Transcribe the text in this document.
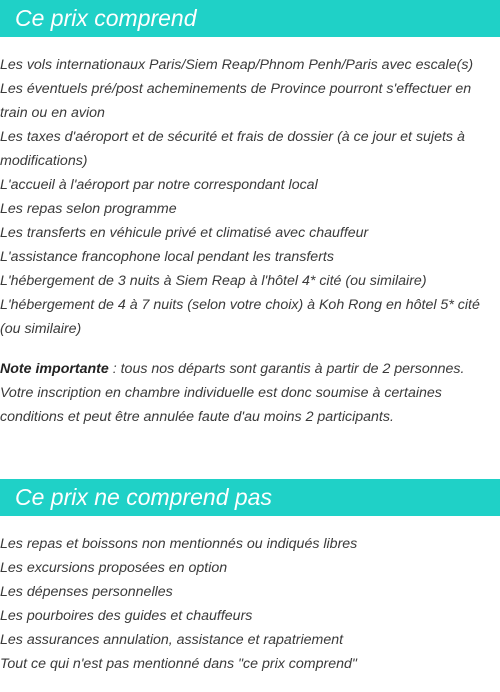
Ce prix comprend
Les vols internationaux Paris/Siem Reap/Phnom Penh/Paris avec escale(s)
Les éventuels pré/post acheminements de Province pourront s'effectuer en train ou en avion
Les taxes d'aéroport et de sécurité et frais de dossier (à ce jour et sujets à modifications)
L'accueil à l'aéroport par notre correspondant local
Les repas selon programme
Les transferts en véhicule privé et climatisé avec chauffeur
L'assistance francophone local pendant les transferts
L'hébergement de 3 nuits à Siem Reap à l'hôtel 4* cité (ou similaire)
L'hébergement de 4 à 7 nuits (selon votre choix) à Koh Rong en hôtel 5* cité (ou similaire)

Note importante : tous nos départs sont garantis à partir de 2 personnes. Votre inscription en chambre individuelle est donc soumise à certaines conditions et peut être annulée faute d'au moins 2 participants.

Ce prix ne comprend pas
Les repas et boissons non mentionnés ou indiqués libres
Les excursions proposées en option
Les dépenses personnelles
Les pourboires des guides et chauffeurs
Les assurances annulation, assistance et rapatriement
Tout ce qui n'est pas mentionné dans "ce prix comprend"
